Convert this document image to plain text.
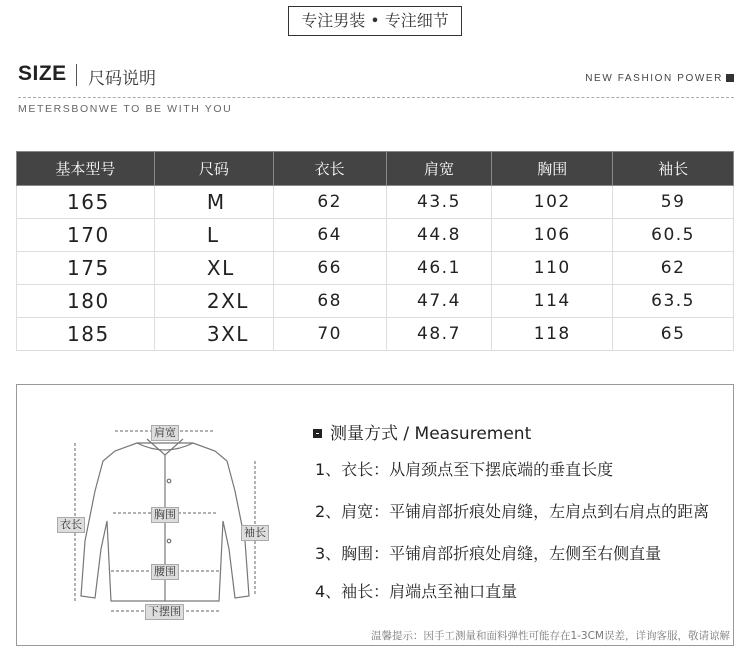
专注男装 • 专注细节
SIZE 尺码说明	NEW FASHION POWER
METERSBONWE TO BE WITH YOU
基本型号	尺码	衣长	肩宽	胸围	袖长
165	M	62	43.5	102	59
170	L	64	44.8	106	60.5
175	XL	66	46.1	110	62
180	2XL	68	47.4	114	63.5
185	3XL	70	48.7	118	65
肩宽
衣长
胸围
袖长
腰围
下摆围
测量方式 / Measurement
1、衣长：从肩颈点至下摆底端的垂直长度
2、肩宽：平铺肩部折痕处肩缝，左肩点到右肩点的距离
3、胸围：平铺肩部折痕处肩缝，左侧至右侧直量
4、袖长：肩端点至袖口直量
温馨提示：因手工测量和面料弹性可能存在1-3CM误差，详询客服，敬请谅解
